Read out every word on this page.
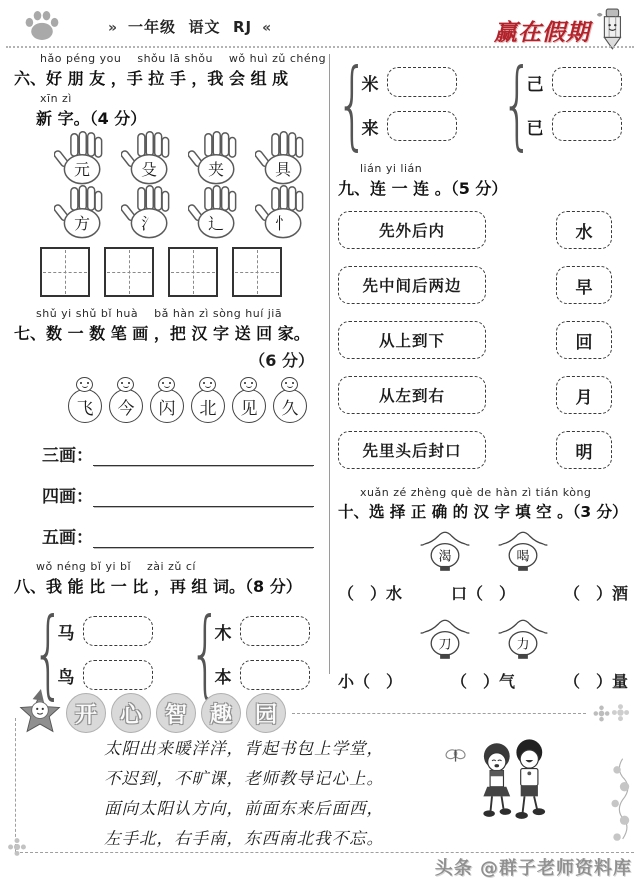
» 一年级 语文 RJ «	赢在假期
hǎo péng you    shǒu lā shǒu    wǒ huì zǔ chéng
六、好 朋 友 ，手 拉 手 ，我 会 组 成
xīn zì
新 字。（4 分）
元	殳	夹	具
方	氵	辶	忄
shǔ yi shǔ bǐ huà    bǎ hàn zì sòng huí jiā
七、数 一 数 笔 画 ，把 汉 字 送 回 家。
（6 分）
飞	今	闪	北	见	久
三画：
四画：
五画：
wǒ néng bǐ yi bǐ    zài zǔ cí
八、我 能 比 一 比 ，再 组 词。（8 分）
{
马
鸟
{
木
本
{
米
来
{
己
已
lián yi lián
九、连 一 连 。（5 分）
先外后内	水
先中间后两边	早
从上到下	回
从左到右	月
先里头后封口	明
xuǎn zé zhèng què de hàn zì tián kòng
十、选 择 正 确 的 汉 字 填 空 。（3 分）
渴	喝
（　）水	口（　）	（　）酒
刀	力
小（　）	（　）气	（　）量
开	心	智	趣	园
太阳出来暖洋洋，背起书包上学堂，
不迟到，不旷课，老师教导记心上。
面向太阳认方向，前面东来后面西，
左手北，右手南，东西南北我不忘。
头条 @群子老师资料库
